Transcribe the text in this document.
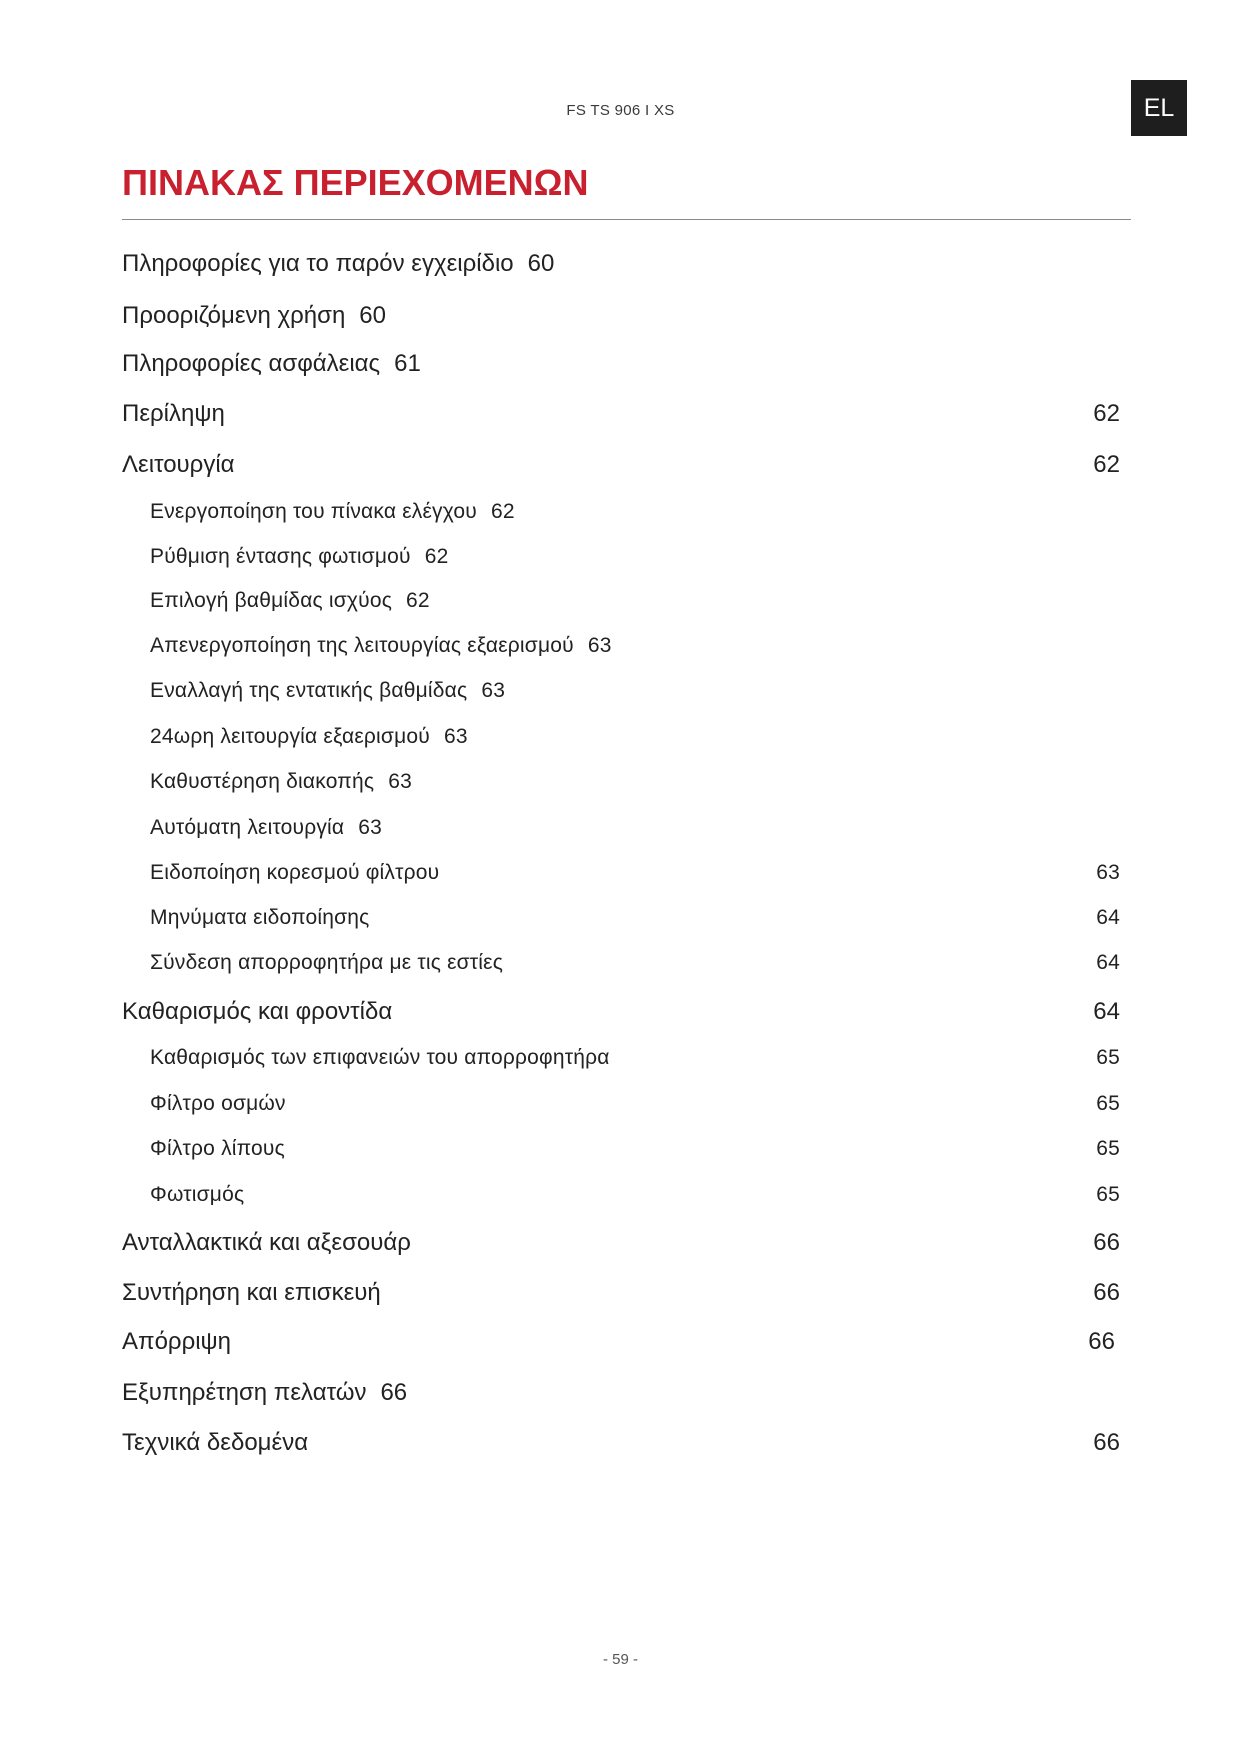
FS TS 906 I XS	EL
ΠΙΝΑΚΑΣ ΠΕΡΙΕΧΟΜΕΝΩΝ
Πληροφορίες για το παρόν εγχειρίδιο 60
Προοριζόμενη χρήση 60
Πληροφορίες ασφάλειας 61
Περίληψη	62
Λειτουργία	62
Ενεργοποίηση του πίνακα ελέγχου 62
Ρύθμιση έντασης φωτισμού 62
Επιλογή βαθμίδας ισχύος 62
Απενεργοποίηση της λειτουργίας εξαερισμού 63
Εναλλαγή της εντατικής βαθμίδας 63
24ωρη λειτουργία εξαερισμού 63
Καθυστέρηση διακοπής 63
Αυτόματη λειτουργία 63
Ειδοποίηση κορεσμού φίλτρου	63
Μηνύματα ειδοποίησης	64
Σύνδεση απορροφητήρα με τις εστίες	64
Καθαρισμός και φροντίδα	64
Καθαρισμός των επιφανειών του απορροφητήρα	65
Φίλτρο οσμών	65
Φίλτρο λίπους	65
Φωτισμός	65
Ανταλλακτικά και αξεσουάρ	66
Συντήρηση και επισκευή	66
Απόρριψη	66
Εξυπηρέτηση πελατών 66
Τεχνικά δεδομένα	66
- 59 -
